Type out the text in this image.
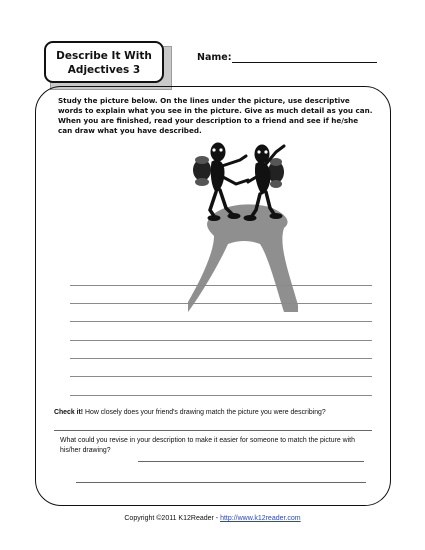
Describe It With
Adjectives 3
Name:

Study the picture below. On the lines under the picture, use descriptive words to explain what you see in the picture. Give as much detail as you can. When you are finished, read your description to a friend and see if he/she can draw what you have described.

Check it! How closely does your friend's drawing match the picture you were describing?
What could you revise in your description to make it easier for someone to match the picture with his/her drawing?
Copyright ©2011 K12Reader - http://www.k12reader.com
